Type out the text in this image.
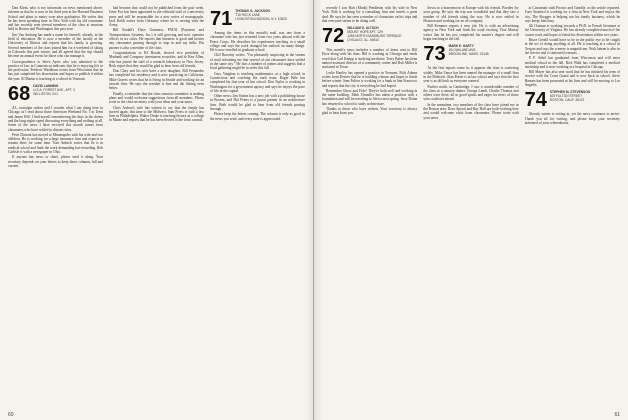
Dan Klein, who is my informant on news mentioned above, informs us that he is now in his third year at the Harvard Business School and plans to marry soon after graduation. He writes that he has been spending time in New York with his old roommate and has recently seen several members of the class at reunions held in Boston and Washington this past year.

Jim Van Amburg has made a name for himself, already, in the field of education. He is now a member of the faculty at the University of Illinois and reports that his family is growing. Several members of the class joined him for a weekend of skiing in Colorado this past winter, and all agreed that the trip should become an annual event for those who can manage it.

Correspondence to Steve Ayres who was admitted to the practice of law in Connecticut indicates that he is enjoying life in the profession. Frederic Washburn writes from Wisconsin that he has just completed his dissertation and hopes to publish it within the year. Al Martin is teaching at a school in Vermont.

68 DAVID LANNING
U.S.A. FOREST AVE., APT. 3
WILLISTON, N.D.

AL, nostalgia strikes and I wonder what I am doing here in Chicago as I read about those American Weekend No. 5 at Trent and James Hill. I find myself remembering the days in the dorms and the long nights spent discussing everything and nothing at all. Some of the news I have received this month comes from classmates who have settled in distant cities.

Peter Durrant has moved to Minneapolis with his wife and two children. He is working for a large insurance firm and expects to remain there for some time. Tom Anbeck writes that he is in medical school and finds the work demanding but rewarding. Bob Carlisle is with a newspaper in Ohio.

If anyone has news to share, please send it along. Your secretary depends on your letters to keep these columns full and current.

had become that could not be published from the past week. Gene Fox has been appointed to the editorial staff of a university press and will be responsible for a new series of monographs. Jack Robb writes from Germany where he is serving with the Army.

Bill Kodall's Dave Guinness, PATSI (Payment and Transportation Systems, Inc.) is still growing and now operates offices in six cities. He reports that business is good and invites any classmates passing through to stop in and say hello. His partner is also a member of the class.

Congratulations to Ed Houde, elected vice president of Marbank and Company investment securities, and to Ken Allen, who has joined the staff of a research laboratory in New Jersey. Both report that they would be glad to hear from old friends.

Don Clary and his wife have a new daughter. Bill Fernandez has completed his residency and is now practicing in California. Mike Graves writes that he is living in Seattle and working for an aircraft firm. He says the weather is fine and the fishing even better.

Finally, a reminder that the class reunion committee is making plans and would welcome suggestions from all members. Please write to the class secretary with your ideas and your news.

Chris Ardron's wife has written to say that the family has moved again, this time to the Midwest. Sam Ferris is with a law firm in Philadelphia. Walter Drake is teaching history at a college in Maine and reports that he has been elected to the town council.

71 THOMAS G. JACKSON
T15 ROCK LANE
LIVINGSTON-HUDSON, N.Y. 10533

Among the items in this month's mail was one from a classmate who has just returned from two years abroad with the Peace Corps. He describes his experiences teaching in a small village and says the work changed his outlook on many things. He is now enrolled in graduate school.

Cliff Boroday writes: "I'm pleasantly surprising in the stream of mail informing me that several of our classmates have settled in the same city." He lists a number of names and suggests that a local gathering might be in order this fall.

Gary Vaughan is teaching mathematics at a high school in Connecticut and coaching the track team. Roger Hale has completed his first year of law school. Don Taylor is working in Washington for a government agency and says he enjoys the pace of life in the capital.

Other news: Jim Sutton has a new job with a publishing house in Boston, and Hal Peters is a junior partner in an architecture firm. Both would be glad to hear from old friends passing through.

Please keep the letters coming. The column is only as good as the news you send, and every note is appreciated.

60

recently I saw Rob (Monk) Pendleton with his wife in New York. Rob is working for a consulting firm and travels a great deal. He says he has seen a number of classmates on his trips and that everyone seems to be doing well.

72 WILLIAM G. ALTSCH
MOUNT HOPE APT. 12H
1455 NORTH SANDBURG TERRACE
CHICAGO, ILL. 60610

This month's news includes a number of items sent to Bill Price along with his dues. Bill is working in Chicago and sends word that Carl Knapp is studying medicine. Terry Baker has been named assistant director of a community center and Bob Miller is stationed in Texas.

Leslie Hartley has opened a practice in Vermont. Rich Adams writes from Denver that he is building a house and hopes to finish before winter. Sam Fulton is working for a bank in San Francisco and reports that the city is everything he had hoped.

Remember Ghost and Fido? They're both well and working in the same building. Mark Chandler has taken a position with a foundation and will be traveling to Africa next spring. Jerry Dolan has returned to school to study architecture.

Thanks to those who have written. Your secretary is always glad to hear from you.

flown to a honeymoon in Europe with his friends. Brother for your group. He says the trip was wonderful and that they saw a number of old friends along the way. He is now settled in Houston and working for an oil company.

Bill Kemmer reports a new job. He is with an advertising agency in New York and finds the work exciting. Don Murray writes that he has just completed his master's degree and will begin teaching in the fall.

73 MARK E. HARTY
1B OAKLAND AVE.
BROOKLINE, MASS. 02146

As the first reports come in, it appears the class is scattering widely. Mike Vance has been named the manager of a small firm in the Midwest. Alan Porter is in law school and says that the first year is as difficult as everyone warned.

Further north, in Cambridge, I saw a considerable number of the class at a reunion dinner. George Lamb, Charlie Thomas and others were there, all in good spirits and eager for news of those who could not attend.

In the meantime, two members of the class have joined me in the Boston area. Dave Sproul and Ray Hall are both working here and would welcome visits from classmates. Please write with your news.

at Cincinnati with Proctor and Gamble, as the article reported. Tony Stanford is working for a firm in New York and enjoys the city. The Skogger is helping run his family business, which he says keeps him busy.

Ali Oatman is working towards a Ph.D. in French literature at the University of Virginia. He has already completed much of the course work and hopes to finish his dissertation within two years.

Bruce Gerald would have to be in the public eye to be caught in the act of doing anything at all. He is teaching at a school in Oregon and says the scenery is magnificent. Walt Jansen is also in the service and is stationed overseas.

P. F. Sebel has graduated from Wisconsin and will enter medical school in the fall. Rich Wald has completed a medical internship and is now working at a hospital in Chicago.

Bill Mayer has also sent word that he has finished his term of service with the Coast Guard and is now back in school. Steve Hansen has been promoted at his firm and will be moving to Los Angeles.

74 STEPHEN M. STEVENSON
819 FULTON STREET
BOSTON, CALIF. 95121

Already winter is setting in, yet the news continues to arrive. Thank you all for writing, and please keep your secretary informed of your whereabouts.

61
